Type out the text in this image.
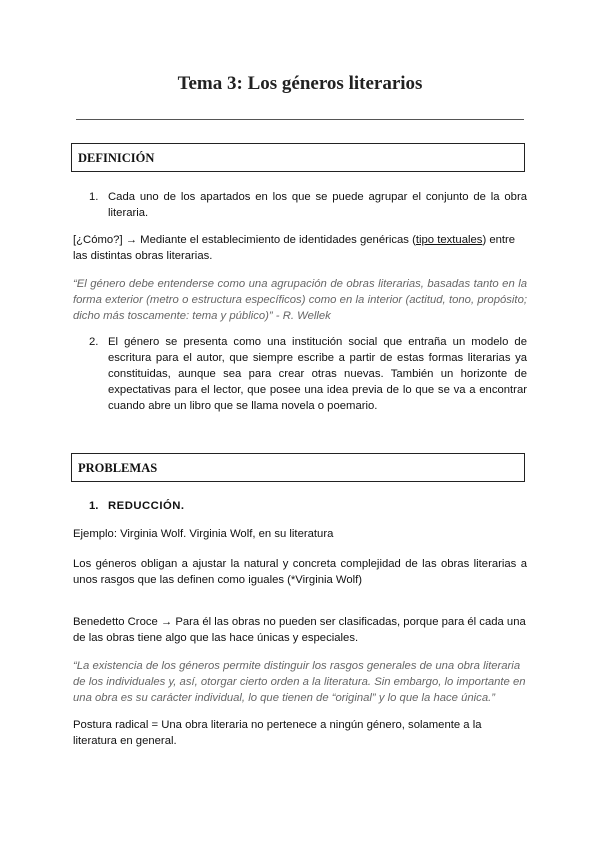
Tema 3: Los géneros literarios
DEFINICIÓN
1. Cada uno de los apartados en los que se puede agrupar el conjunto de la obra literaria.
[¿Cómo?] → Mediante el establecimiento de identidades genéricas (tipo textuales) entre las distintas obras literarias.
“El género debe entenderse como una agrupación de obras literarias, basadas tanto en la forma exterior (metro o estructura específicos) como en la interior (actitud, tono, propósito; dicho más toscamente: tema y público)” - R. Wellek
2. El género se presenta como una institución social que entraña un modelo de escritura para el autor, que siempre escribe a partir de estas formas literarias ya constituidas, aunque sea para crear otras nuevas. También un horizonte de expectativas para el lector, que posee una idea previa de lo que se va a encontrar cuando abre un libro que se llama novela o poemario.
PROBLEMAS
1. REDUCCIÓN.
Ejemplo: Virginia Wolf. Virginia Wolf, en su literatura
Los géneros obligan a ajustar la natural y concreta complejidad de las obras literarias a unos rasgos que las definen como iguales (*Virginia Wolf)
Benedetto Croce → Para él las obras no pueden ser clasificadas, porque para él cada una de las obras tiene algo que las hace únicas y especiales.
“La existencia de los géneros permite distinguir los rasgos generales de una obra literaria de los individuales y, así, otorgar cierto orden a la literatura. Sin embargo, lo importante en una obra es su carácter individual, lo que tienen de “original” y lo que la hace única.”
Postura radical = Una obra literaria no pertenece a ningún género, solamente a la literatura en general.
